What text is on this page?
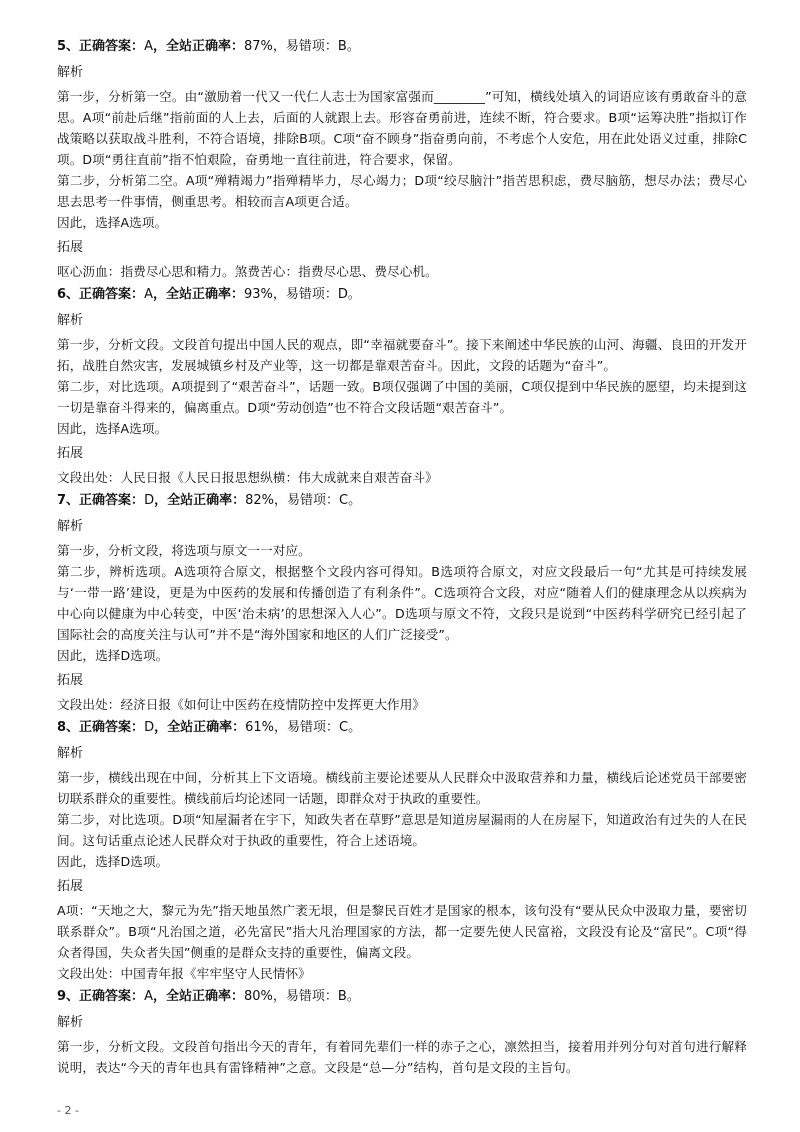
5、正确答案：A，全站正确率：87%，易错项：B。
解析

第一步，分析第一空。由“激励着一代又一代仁人志士为国家富强而________”可知，横线处填入的词语应该有勇敢奋斗的意思。A项“前赴后继”指前面的人上去，后面的人就跟上去。形容奋勇前进，连续不断，符合要求。B项“运筹决胜”指拟订作战策略以获取战斗胜利，不符合语境，排除B项。C项“奋不顾身”指奋勇向前，不考虑个人安危，用在此处语义过重，排除C项。D项“勇往直前”指不怕艰险，奋勇地一直往前进，符合要求，保留。

第二步，分析第二空。A项“殚精竭力”指殚精毕力，尽心竭力；D项“绞尽脑汁”指苦思积虑，费尽脑筋，想尽办法；费尽心思去思考一件事情，侧重思考。相较而言A项更合适。

因此，选择A选项。

拓展

呕心沥血：指费尽心思和精力。煞费苦心：指费尽心思、费尽心机。

6、正确答案：A，全站正确率：93%，易错项：D。
解析

第一步，分析文段。文段首句提出中国人民的观点，即“幸福就要奋斗”。接下来阐述中华民族的山河、海疆、良田的开发开拓，战胜自然灾害，发展城镇乡村及产业等，这一切都是靠艰苦奋斗。因此，文段的话题为“奋斗”。

第二步，对比选项。A项提到了“艰苦奋斗”，话题一致。B项仅强调了中国的美丽，C项仅提到中华民族的愿望，均未提到这一切是靠奋斗得来的，偏离重点。D项“劳动创造”也不符合文段话题“艰苦奋斗”。

因此，选择A选项。

拓展

文段出处：人民日报《人民日报思想纵横：伟大成就来自艰苦奋斗》

7、正确答案：D，全站正确率：82%，易错项：C。
解析

第一步，分析文段，将选项与原文一一对应。

第二步，辨析选项。A选项符合原文，根据整个文段内容可得知。B选项符合原文，对应文段最后一句“尤其是可持续发展与‘一带一路’建设，更是为中医药的发展和传播创造了有利条件”。C选项符合文段，对应“随着人们的健康理念从以疾病为中心向以健康为中心转变，中医‘治未病’的思想深入人心”。D选项与原文不符，文段只是说到“中医药科学研究已经引起了国际社会的高度关注与认可”并不是“海外国家和地区的人们广泛接受”。

因此，选择D选项。

拓展

文段出处：经济日报《如何让中医药在疫情防控中发挥更大作用》

8、正确答案：D，全站正确率：61%，易错项：C。
解析

第一步，横线出现在中间，分析其上下文语境。横线前主要论述要从人民群众中汲取营养和力量，横线后论述党员干部要密切联系群众的重要性。横线前后均论述同一话题，即群众对于执政的重要性。

第二步，对比选项。D项“知屋漏者在宇下，知政失者在草野”意思是知道房屋漏雨的人在房屋下，知道政治有过失的人在民间。这句话重点论述人民群众对于执政的重要性，符合上述语境。

因此，选择D选项。

拓展

A项：“天地之大，黎元为先”指天地虽然广袤无垠，但是黎民百姓才是国家的根本，该句没有“要从民众中汲取力量，要密切联系群众”。B项“凡治国之道，必先富民”指大凡治理国家的方法，都一定要先使人民富裕，文段没有论及“富民”。C项“得众者得国，失众者失国”侧重的是群众支持的重要性，偏离文段。

文段出处：中国青年报《牢牢坚守人民情怀》

9、正确答案：A，全站正确率：80%，易错项：B。
解析

第一步，分析文段。文段首句指出今天的青年，有着同先辈们一样的赤子之心，凛然担当，接着用并列分句对首句进行解释说明，表达“今天的青年也具有雷锋精神”之意。文段是“总—分”结构，首句是文段的主旨句。

- 2 -
